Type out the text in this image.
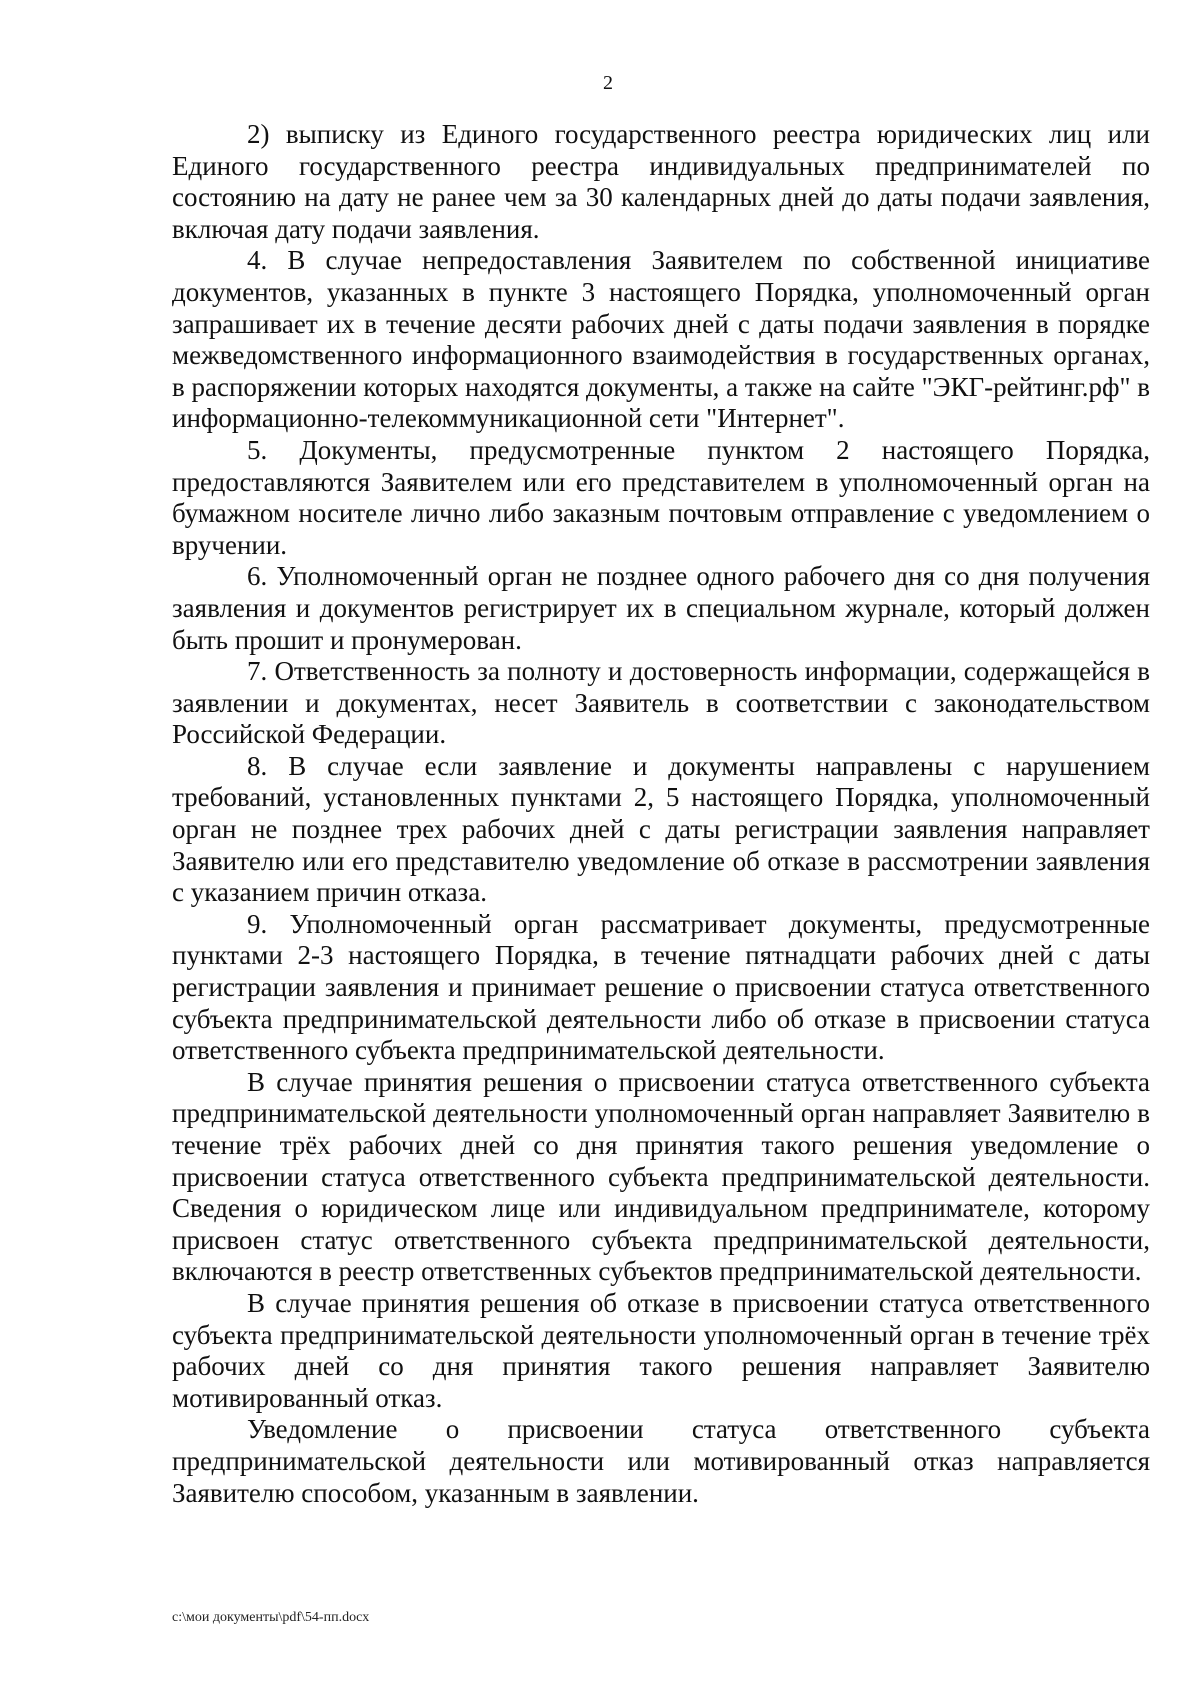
2

2) выписку из Единого государственного реестра юридических лиц или Единого государственного реестра индивидуальных предпринимателей по состоянию на дату не ранее чем за 30 календарных дней до даты подачи заявления, включая дату подачи заявления.

4. В случае непредоставления Заявителем по собственной инициативе документов, указанных в пункте 3 настоящего Порядка, уполномоченный орган запрашивает их в течение десяти рабочих дней с даты подачи заявления в порядке межведомственного информационного взаимодействия в государственных органах, в распоряжении которых находятся документы, а также на сайте "ЭКГ-рейтинг.рф" в информационно-телекоммуникационной сети "Интернет".

5. Документы, предусмотренные пунктом 2 настоящего Порядка, предоставляются Заявителем или его представителем в уполномоченный орган на бумажном носителе лично либо заказным почтовым отправление с уведомлением о вручении.

6. Уполномоченный орган не позднее одного рабочего дня со дня получения заявления и документов регистрирует их в специальном журнале, который должен быть прошит и пронумерован.

7. Ответственность за полноту и достоверность информации, содержащейся в заявлении и документах, несет Заявитель в соответствии с законодательством Российской Федерации.

8. В случае если заявление и документы направлены с нарушением требований, установленных пунктами 2, 5 настоящего Порядка, уполномоченный орган не позднее трех рабочих дней с даты регистрации заявления направляет Заявителю или его представителю уведомление об отказе в рассмотрении заявления с указанием причин отказа.

9. Уполномоченный орган рассматривает документы, предусмотренные пунктами 2-3 настоящего Порядка, в течение пятнадцати рабочих дней с даты регистрации заявления и принимает решение о присвоении статуса ответственного субъекта предпринимательской деятельности либо об отказе в присвоении статуса ответственного субъекта предпринимательской деятельности.

В случае принятия решения о присвоении статуса ответственного субъекта предпринимательской деятельности уполномоченный орган направляет Заявителю в течение трёх рабочих дней со дня принятия такого решения уведомление о присвоении статуса ответственного субъекта предпринимательской деятельности. Сведения о юридическом лице или индивидуальном предпринимателе, которому присвоен статус ответственного субъекта предпринимательской деятельности, включаются в реестр ответственных субъектов предпринимательской деятельности.

В случае принятия решения об отказе в присвоении статуса ответственного субъекта предпринимательской деятельности уполномоченный орган в течение трёх рабочих дней со дня принятия такого решения направляет Заявителю мотивированный отказ.

Уведомление о присвоении статуса ответственного субъекта предпринимательской деятельности или мотивированный отказ направляется Заявителю способом, указанным в заявлении.

c:\мои документы\pdf\54-пп.docx
